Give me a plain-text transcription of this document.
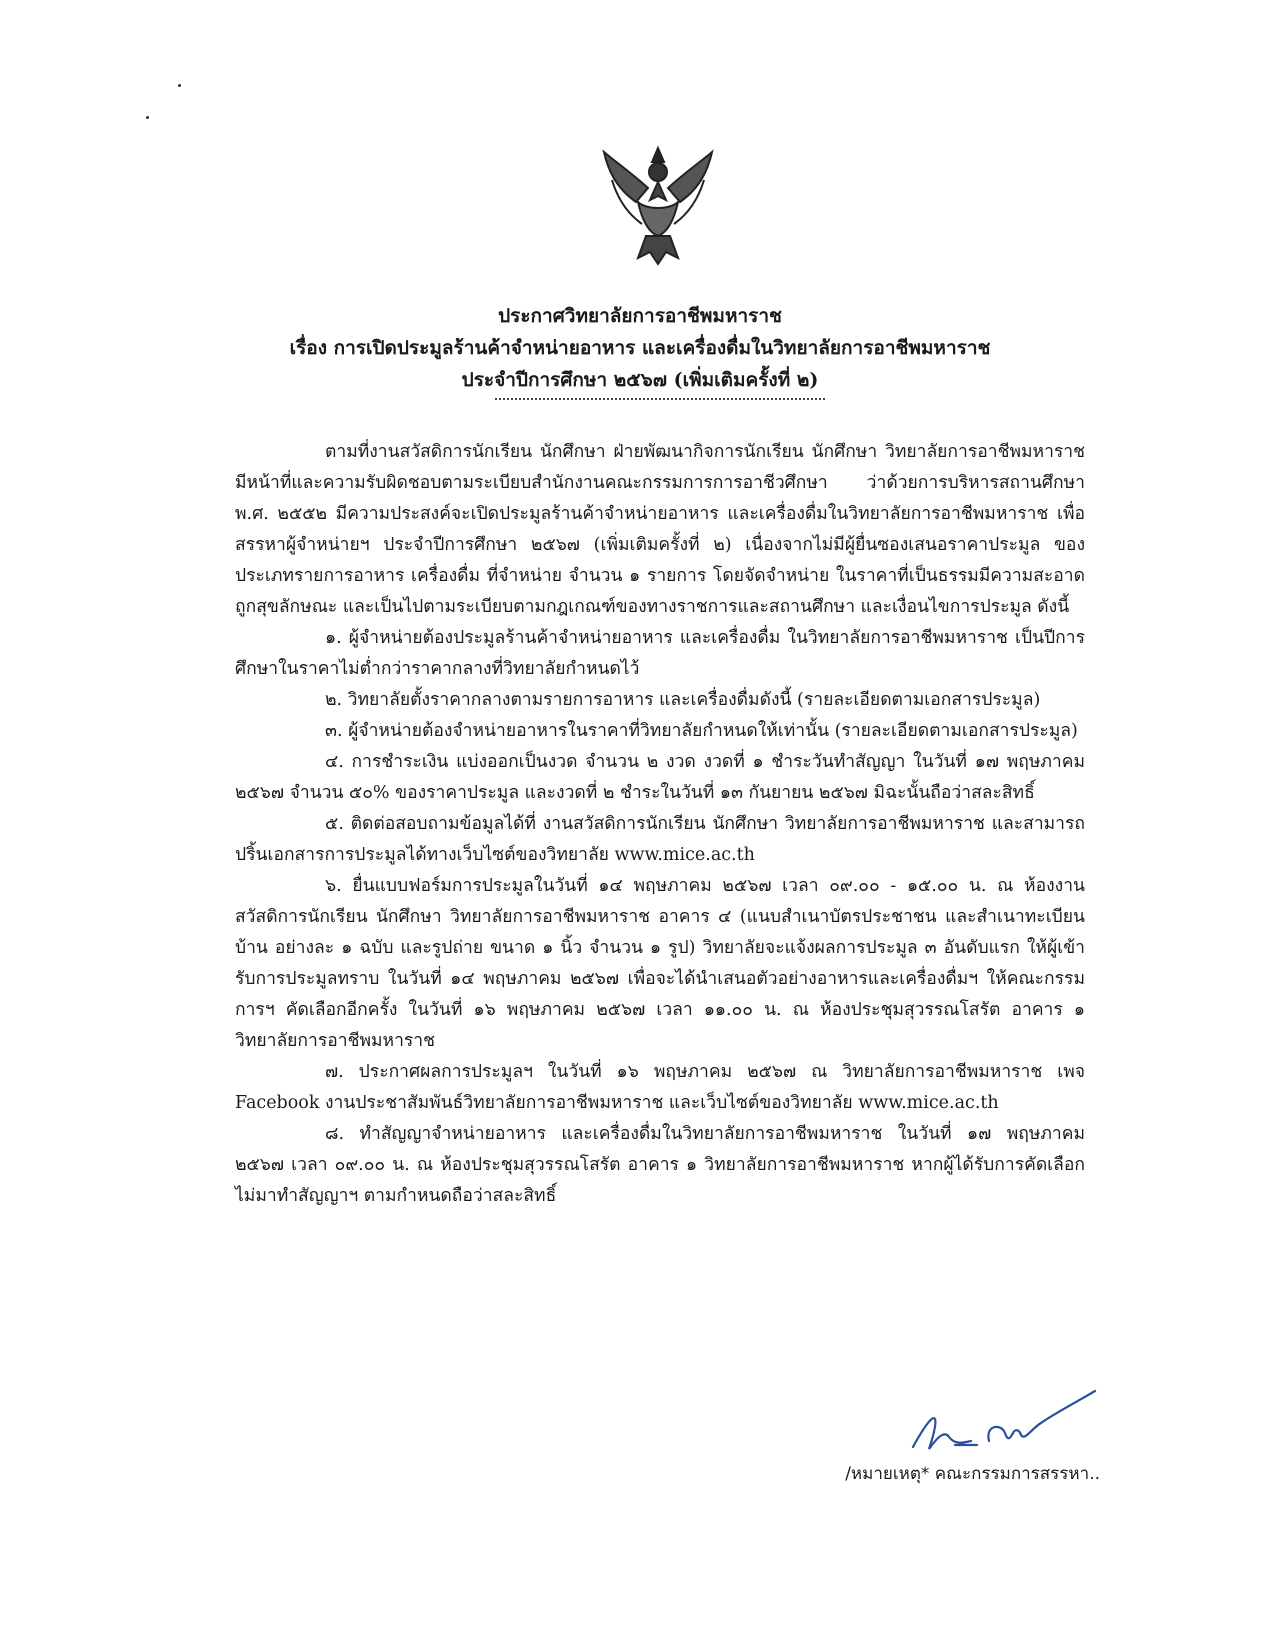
ประกาศวิทยาลัยการอาชีพมหาราช
เรื่อง การเปิดประมูลร้านค้าจำหน่ายอาหาร และเครื่องดื่มในวิทยาลัยการอาชีพมหาราช
ประจำปีการศึกษา ๒๕๖๗ (เพิ่มเติมครั้งที่ ๒)

ตามที่งานสวัสดิการนักเรียน นักศึกษา ฝ่ายพัฒนากิจการนักเรียน นักศึกษา วิทยาลัยการอาชีพมหาราช มีหน้าที่และความรับผิดชอบตามระเบียบสำนักงานคณะกรรมการการอาชีวศึกษา ว่าด้วยการบริหารสถานศึกษา พ.ศ. ๒๕๕๒ มีความประสงค์จะเปิดประมูลร้านค้าจำหน่ายอาหาร และเครื่องดื่มในวิทยาลัยการอาชีพมหาราช เพื่อสรรหาผู้จำหน่ายฯ ประจำปีการศึกษา ๒๕๖๗ (เพิ่มเติมครั้งที่ ๒) เนื่องจากไม่มีผู้ยื่นซองเสนอราคาประมูล ของประเภทรายการอาหาร เครื่องดื่ม ที่จำหน่าย จำนวน ๑ รายการ โดยจัดจำหน่าย ในราคาที่เป็นธรรมมีความสะอาดถูกสุขลักษณะ และเป็นไปตามระเบียบตามกฎเกณฑ์ของทางราชการและสถานศึกษา และเงื่อนไขการประมูล ดังนี้

๑. ผู้จำหน่ายต้องประมูลร้านค้าจำหน่ายอาหาร และเครื่องดื่ม ในวิทยาลัยการอาชีพมหาราช เป็นปีการศึกษาในราคาไม่ต่ำกว่าราคากลางที่วิทยาลัยกำหนดไว้

๒. วิทยาลัยตั้งราคากลางตามรายการอาหาร และเครื่องดื่มดังนี้ (รายละเอียดตามเอกสารประมูล)

๓. ผู้จำหน่ายต้องจำหน่ายอาหารในราคาที่วิทยาลัยกำหนดให้เท่านั้น (รายละเอียดตามเอกสารประมูล)

๔. การชำระเงิน แบ่งออกเป็นงวด จำนวน ๒ งวด งวดที่ ๑ ชำระวันทำสัญญา ในวันที่ ๑๗ พฤษภาคม ๒๕๖๗ จำนวน ๕๐% ของราคาประมูล และงวดที่ ๒ ชำระในวันที่ ๑๓ กันยายน ๒๕๖๗ มิฉะนั้นถือว่าสละสิทธิ์

๕. ติดต่อสอบถามข้อมูลได้ที่ งานสวัสดิการนักเรียน นักศึกษา วิทยาลัยการอาชีพมหาราช และสามารถปริ้นเอกสารการประมูลได้ทางเว็บไซต์ของวิทยาลัย www.mice.ac.th

๖. ยื่นแบบฟอร์มการประมูลในวันที่ ๑๔ พฤษภาคม ๒๕๖๗ เวลา ๐๙.๐๐ - ๑๕.๐๐ น. ณ ห้องงานสวัสดิการนักเรียน นักศึกษา วิทยาลัยการอาชีพมหาราช อาคาร ๔ (แนบสำเนาบัตรประชาชน และสำเนาทะเบียนบ้าน อย่างละ ๑ ฉบับ และรูปถ่าย ขนาด ๑ นิ้ว จำนวน ๑ รูป) วิทยาลัยจะแจ้งผลการประมูล ๓ อันดับแรก ให้ผู้เข้ารับการประมูลทราบ ในวันที่ ๑๔ พฤษภาคม ๒๕๖๗ เพื่อจะได้นำเสนอตัวอย่างอาหารและเครื่องดื่มฯ ให้คณะกรรมการฯ คัดเลือกอีกครั้ง ในวันที่ ๑๖ พฤษภาคม ๒๕๖๗ เวลา ๑๑.๐๐ น. ณ ห้องประชุมสุวรรณโสรัต อาคาร ๑ วิทยาลัยการอาชีพมหาราช

๗. ประกาศผลการประมูลฯ ในวันที่ ๑๖ พฤษภาคม ๒๕๖๗ ณ วิทยาลัยการอาชีพมหาราช เพจ Facebook งานประชาสัมพันธ์วิทยาลัยการอาชีพมหาราช และเว็บไซต์ของวิทยาลัย www.mice.ac.th

๘. ทำสัญญาจำหน่ายอาหาร และเครื่องดื่มในวิทยาลัยการอาชีพมหาราช ในวันที่ ๑๗ พฤษภาคม ๒๕๖๗ เวลา ๐๙.๐๐ น. ณ ห้องประชุมสุวรรณโสรัต อาคาร ๑ วิทยาลัยการอาชีพมหาราช หากผู้ได้รับการคัดเลือกไม่มาทำสัญญาฯ ตามกำหนดถือว่าสละสิทธิ์

/หมายเหตุ* คณะกรรมการสรรหา..
